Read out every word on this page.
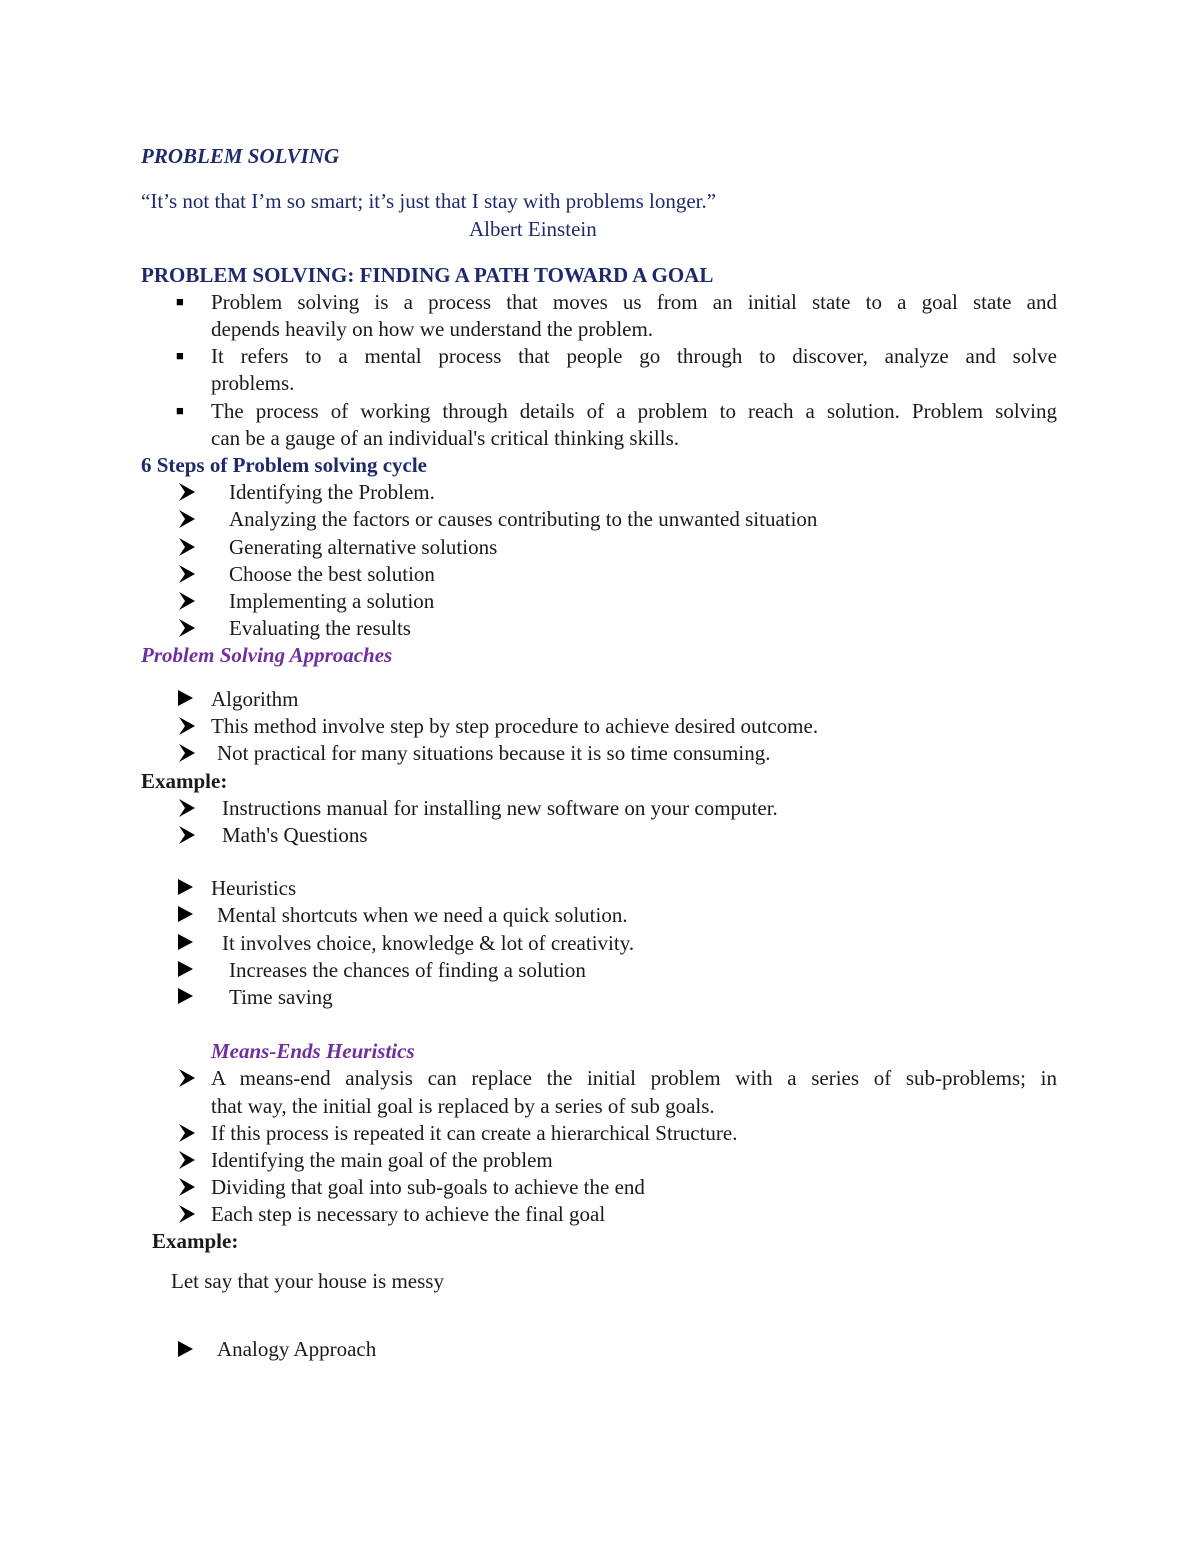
PROBLEM SOLVING
“It’s not that I’m so smart; it’s just that I stay with problems longer.”
Albert Einstein
PROBLEM SOLVING: FINDING A PATH TOWARD A GOAL
■ Problem solving is a process that moves us from an initial state to a goal state and
depends heavily on how we understand the problem.
■ It refers to a mental process that people go through to discover, analyze and solve
problems.
■ The process of working through details of a problem to reach a solution. Problem solving
can be a gauge of an individual's critical thinking skills.
6 Steps of Problem solving cycle
Identifying the Problem.
Analyzing the factors or causes contributing to the unwanted situation
Generating alternative solutions
Choose the best solution
Implementing a solution
Evaluating the results
Problem Solving Approaches
Algorithm
This method involve step by step procedure to achieve desired outcome.
Not practical for many situations because it is so time consuming.
Example:
Instructions manual for installing new software on your computer.
Math's Questions
Heuristics
Mental shortcuts when we need a quick solution.
It involves choice, knowledge & lot of creativity.
Increases the chances of finding a solution
Time saving
Means-Ends Heuristics
A means-end analysis can replace the initial problem with a series of sub-problems; in
that way, the initial goal is replaced by a series of sub goals.
If this process is repeated it can create a hierarchical Structure.
Identifying the main goal of the problem
Dividing that goal into sub-goals to achieve the end
Each step is necessary to achieve the final goal
Example:
Let say that your house is messy
Analogy Approach
